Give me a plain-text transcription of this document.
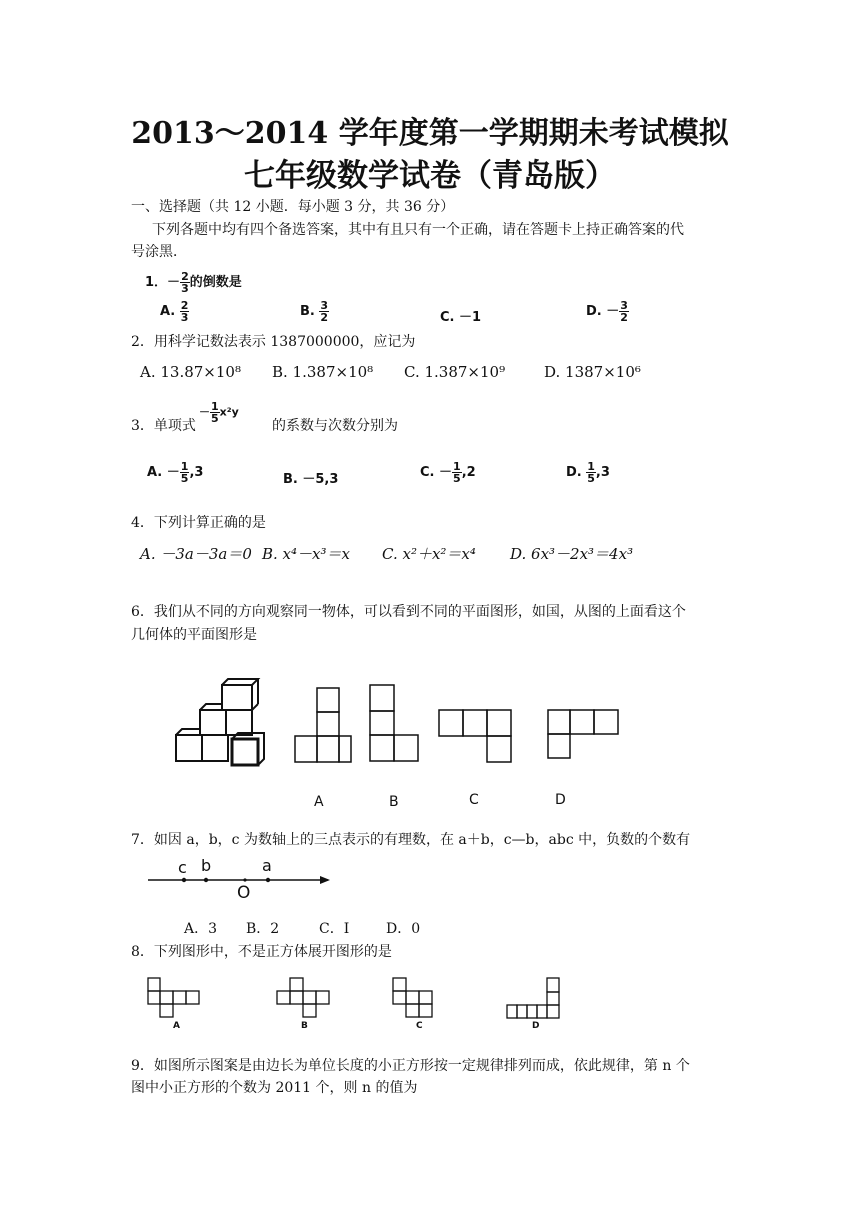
2013～2014 学年度第一学期期未考试模拟
七年级数学试卷（青岛版）
一、选择题（共 12 小题．每小题 3 分，共 36 分）
下列各题中均有四个备选答案，其中有且只有一个正确，请在答题卡上持正确答案的代
号涂黑．
1．－ $\frac{2}{3}$ 的倒数是
A. $\frac{2}{3}$	B. $\frac{3}{2}$	C. －1	D. － $\frac{3}{2}$
2．用科学记数法表示 1387000000，应记为
A. 13.87×10⁸ B. 1.387×10⁸ C. 1.387×10⁹	D. 1387×10⁶
3．单项式
－ $\frac{1}{5} x^2y$
的系数与次数分别为
A. － $\frac{1}{5} ,3$	B. －5,3	C. － $\frac{1}{5} ,2$	D. $\frac{1}{5} ,3$
4．下列计算正确的是
A. －3a－3a＝0 B. x⁴－x³＝x C. x²＋x²＝x⁴ D. 6x³－2x³＝4x³
6．我们从不同的方向观察同一物体，可以看到不同的平面图形，如国，从图的上面看这个
几何体的平面图形是
A	B	C	D
7．如因 a，b，c 为数轴上的三点表示的有理数，在 a＋b，c—b，abc 中，负数的个数有
c b	a
O
A．3 B．2	C．I	D．0
8．下列图形中，不是正方体展开图形的是
A	B	C	D
9．如图所示图案是由边长为单位长度的小正方形按一定规律排列而成，依此规律，第 n 个
图中小正方形的个数为 2011 个，则 n 的值为
